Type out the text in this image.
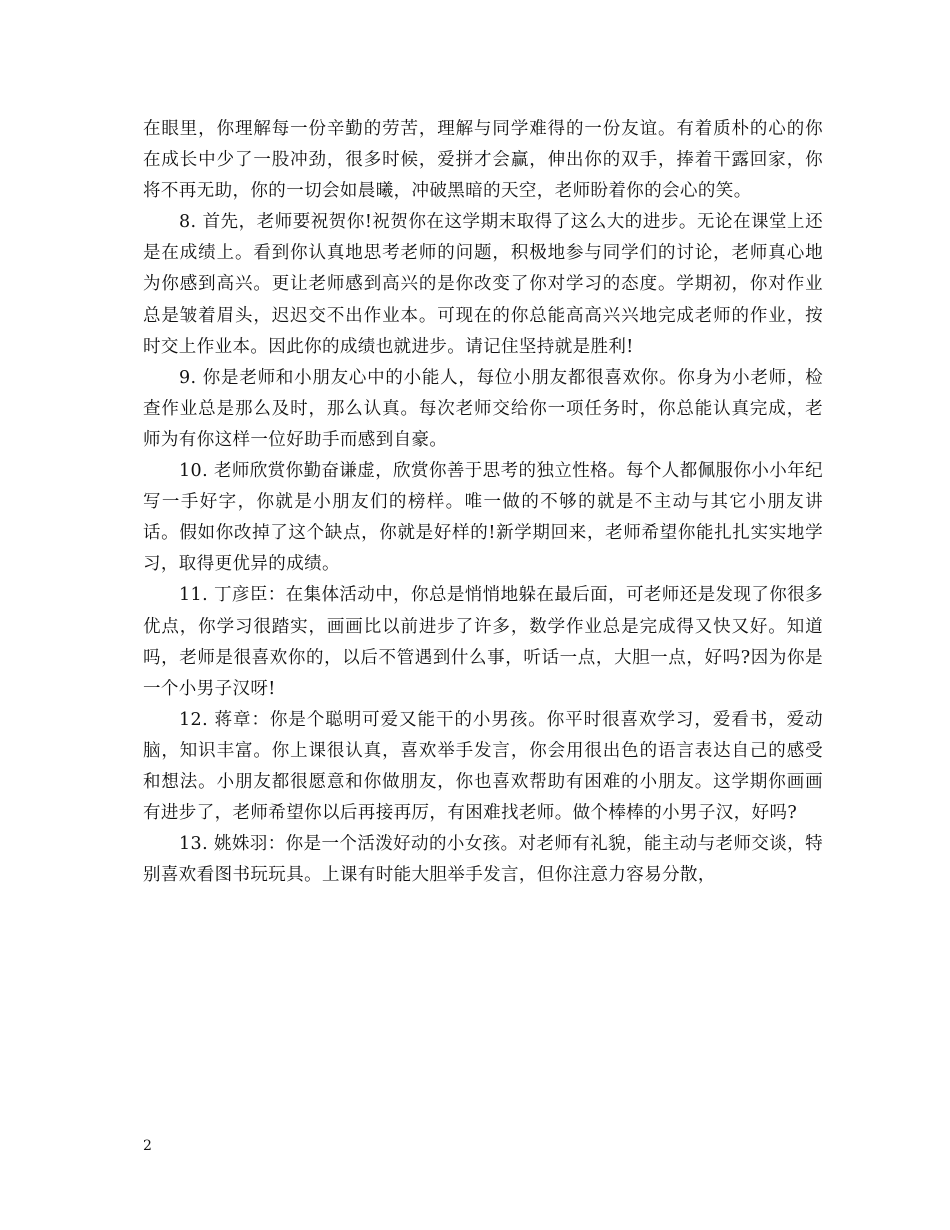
在眼里，你理解每一份辛勤的劳苦，理解与同学难得的一份友谊。有着质朴的心的你在成长中少了一股冲劲，很多时候，爱拼才会赢，伸出你的双手，捧着干露回家，你将不再无助，你的一切会如晨曦，冲破黑暗的天空，老师盼着你的会心的笑。

8. 首先，老师要祝贺你!祝贺你在这学期末取得了这么大的进步。无论在课堂上还是在成绩上。看到你认真地思考老师的问题，积极地参与同学们的讨论，老师真心地为你感到高兴。更让老师感到高兴的是你改变了你对学习的态度。学期初，你对作业总是皱着眉头，迟迟交不出作业本。可现在的你总能高高兴兴地完成老师的作业，按时交上作业本。因此你的成绩也就进步。请记住坚持就是胜利!

9. 你是老师和小朋友心中的小能人，每位小朋友都很喜欢你。你身为小老师，检查作业总是那么及时，那么认真。每次老师交给你一项任务时，你总能认真完成，老师为有你这样一位好助手而感到自豪。

10. 老师欣赏你勤奋谦虚，欣赏你善于思考的独立性格。每个人都佩服你小小年纪写一手好字，你就是小朋友们的榜样。唯一做的不够的就是不主动与其它小朋友讲话。假如你改掉了这个缺点，你就是好样的!新学期回来，老师希望你能扎扎实实地学习，取得更优异的成绩。

11. 丁彦臣：在集体活动中，你总是悄悄地躲在最后面，可老师还是发现了你很多优点，你学习很踏实，画画比以前进步了许多，数学作业总是完成得又快又好。知道吗，老师是很喜欢你的，以后不管遇到什么事，听话一点，大胆一点，好吗?因为你是一个小男子汉呀!

12. 蒋章：你是个聪明可爱又能干的小男孩。你平时很喜欢学习，爱看书，爱动脑，知识丰富。你上课很认真，喜欢举手发言，你会用很出色的语言表达自己的感受和想法。小朋友都很愿意和你做朋友，你也喜欢帮助有困难的小朋友。这学期你画画有进步了，老师希望你以后再接再厉，有困难找老师。做个棒棒的小男子汉，好吗?

13. 姚姝羽：你是一个活泼好动的小女孩。对老师有礼貌，能主动与老师交谈，特别喜欢看图书玩玩具。上课有时能大胆举手发言，但你注意力容易分散，

2
